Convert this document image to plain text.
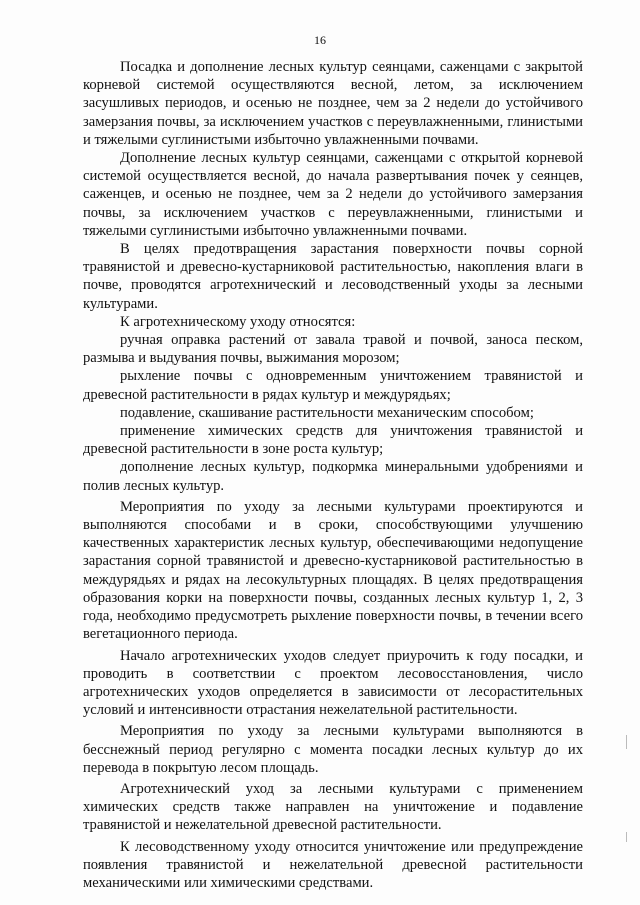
16

Посадка и дополнение лесных культур сеянцами, саженцами с закрытой корневой системой осуществляются весной, летом, за исключением засушливых периодов, и осенью не позднее, чем за 2 недели до устойчивого замерзания почвы, за исключением участков с переувлажненными, глинистыми и тяжелыми суглинистыми избыточно увлажненными почвами.

Дополнение лесных культур сеянцами, саженцами с открытой корневой системой осуществляется весной, до начала развертывания почек у сеянцев, саженцев, и осенью не позднее, чем за 2 недели до устойчивого замерзания почвы, за исключением участков с переувлажненными, глинистыми и тяжелыми суглинистыми избыточно увлажненными почвами.

В целях предотвращения зарастания поверхности почвы сорной травянистой и древесно-кустарниковой растительностью, накопления влаги в почве, проводятся агротехнический и лесоводственный уходы за лесными культурами.

К агротехническому уходу относятся:

ручная оправка растений от завала травой и почвой, заноса песком, размыва и выдувания почвы, выжимания морозом;

рыхление почвы с одновременным уничтожением травянистой и древесной растительности в рядах культур и междурядьях;

подавление, скашивание растительности механическим способом;

применение химических средств для уничтожения травянистой и древесной растительности в зоне роста культур;

дополнение лесных культур, подкормка минеральными удобрениями и полив лесных культур.

Мероприятия по уходу за лесными культурами проектируются и выполняются способами и в сроки, способствующими улучшению качественных характеристик лесных культур, обеспечивающими недопущение зарастания сорной травянистой и древесно-кустарниковой растительностью в междурядьях и рядах на лесокультурных площадях. В целях предотвращения образования корки на поверхности почвы, созданных лесных культур 1, 2, 3 года, необходимо предусмотреть рыхление поверхности почвы, в течении всего вегетационного периода.

Начало агротехнических уходов следует приурочить к году посадки, и проводить в соответствии с проектом лесовосстановления, число агротехнических уходов определяется в зависимости от лесорастительных условий и интенсивности отрастания нежелательной растительности.

Мероприятия по уходу за лесными культурами выполняются в бесснежный период регулярно с момента посадки лесных культур до их перевода в покрытую лесом площадь.

Агротехнический уход за лесными культурами с применением химических средств также направлен на уничтожение и подавление травянистой и нежелательной древесной растительности.

К лесоводственному уходу относится уничтожение или предупреждение появления травянистой и нежелательной древесной растительности механическими или химическими средствами.
